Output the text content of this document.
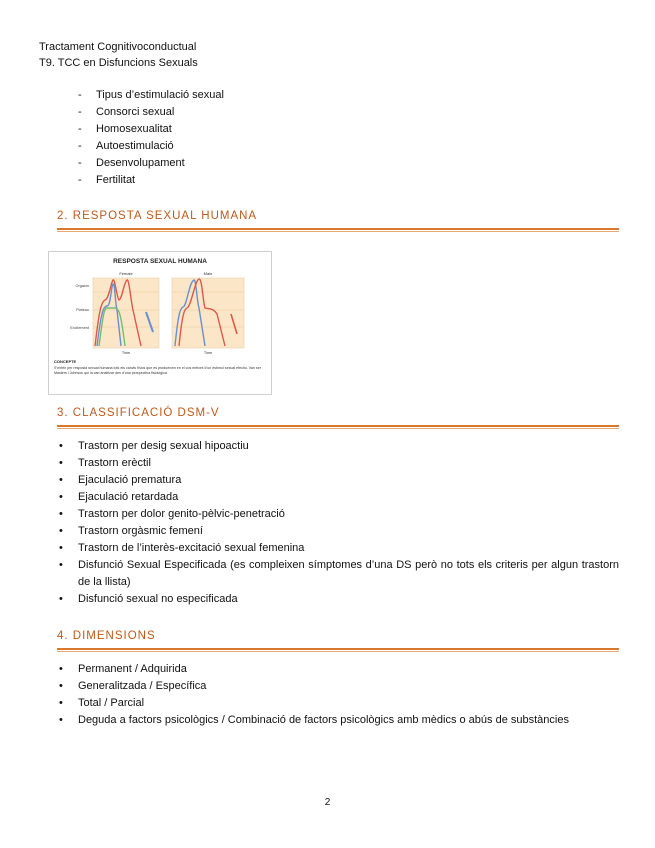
Tractament Cognitivoconductual
T9. TCC en Disfuncions Sexuals
- Tipus d’estimulació sexual
- Consorci sexual
- Homosexualitat
- Autoestimulació
- Desenvolupament
- Fertilitat
2. RESPOSTA SEXUAL HUMANA
RESPOSTA SEXUAL HUMANA
Female	Male
Orgasm
Plateau
Excitement
Time	Time
CONCEPTE
S’entén per resposta sexual humana tots els canvis físics que es produeixen en el cos enfront d’un estímul sexual efectiu. Van ser Masters i Johnson qui la van analitzar des d’una perspectiva fisiològica
3. CLASSIFICACIÓ DSM-V
• Trastorn per desig sexual hipoactiu
• Trastorn erèctil
• Ejaculació prematura
• Ejaculació retardada
• Trastorn per dolor genito-pèlvic-penetració
• Trastorn orgàsmic femení
• Trastorn de l’interès-excitació sexual femenina
• Disfunció Sexual Especificada (es compleixen símptomes d’una DS però no tots els criteris per algun trastorn de la llista)
• Disfunció sexual no especificada
4. DIMENSIONS
• Permanent / Adquirida
• Generalitzada / Específica
• Total / Parcial
• Deguda a factors psicològics / Combinació de factors psicològics amb mèdics o abús de substàncies
2
